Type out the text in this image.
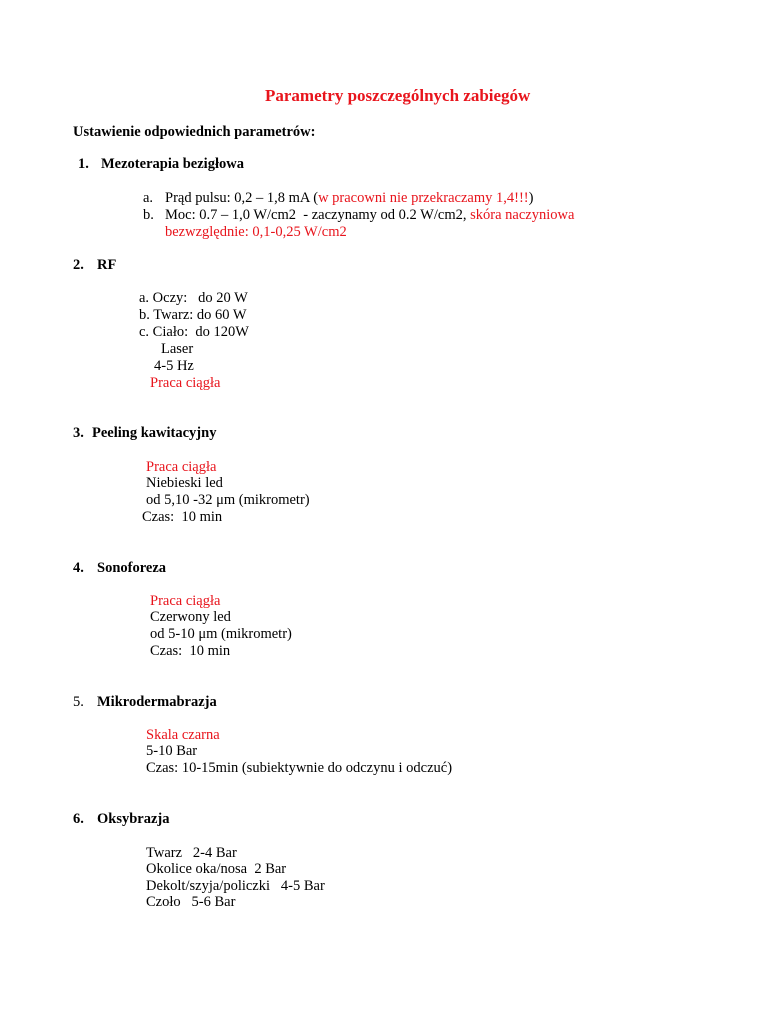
Parametry poszczególnych zabiegów
Ustawienie odpowiednich parametrów:
1. Mezoterapia bezigłowa
a. Prąd pulsu: 0,2 – 1,8 mA (w pracowni nie przekraczamy 1,4!!!)
b. Moc: 0.7 – 1,0 W/cm2  - zaczynamy od 0.2 W/cm2, skóra naczyniowa
bezwzględnie: 0,1-0,25 W/cm2
2. RF
a. Oczy:   do 20 W
b. Twarz: do 60 W
c. Ciało:  do 120W
Laser
4-5 Hz
Praca ciągła
3. Peeling kawitacyjny
Praca ciągła
Niebieski led
od 5,10 -32 μm (mikrometr)
Czas:  10 min
4. Sonoforeza
Praca ciągła
Czerwony led
od 5-10 μm (mikrometr)
Czas:  10 min
5. Mikrodermabrazja
Skala czarna
5-10 Bar
Czas: 10-15min (subiektywnie do odczynu i odczuć)
6. Oksybrazja
Twarz   2-4 Bar
Okolice oka/nosa  2 Bar
Dekolt/szyja/policzki   4-5 Bar
Czoło   5-6 Bar
